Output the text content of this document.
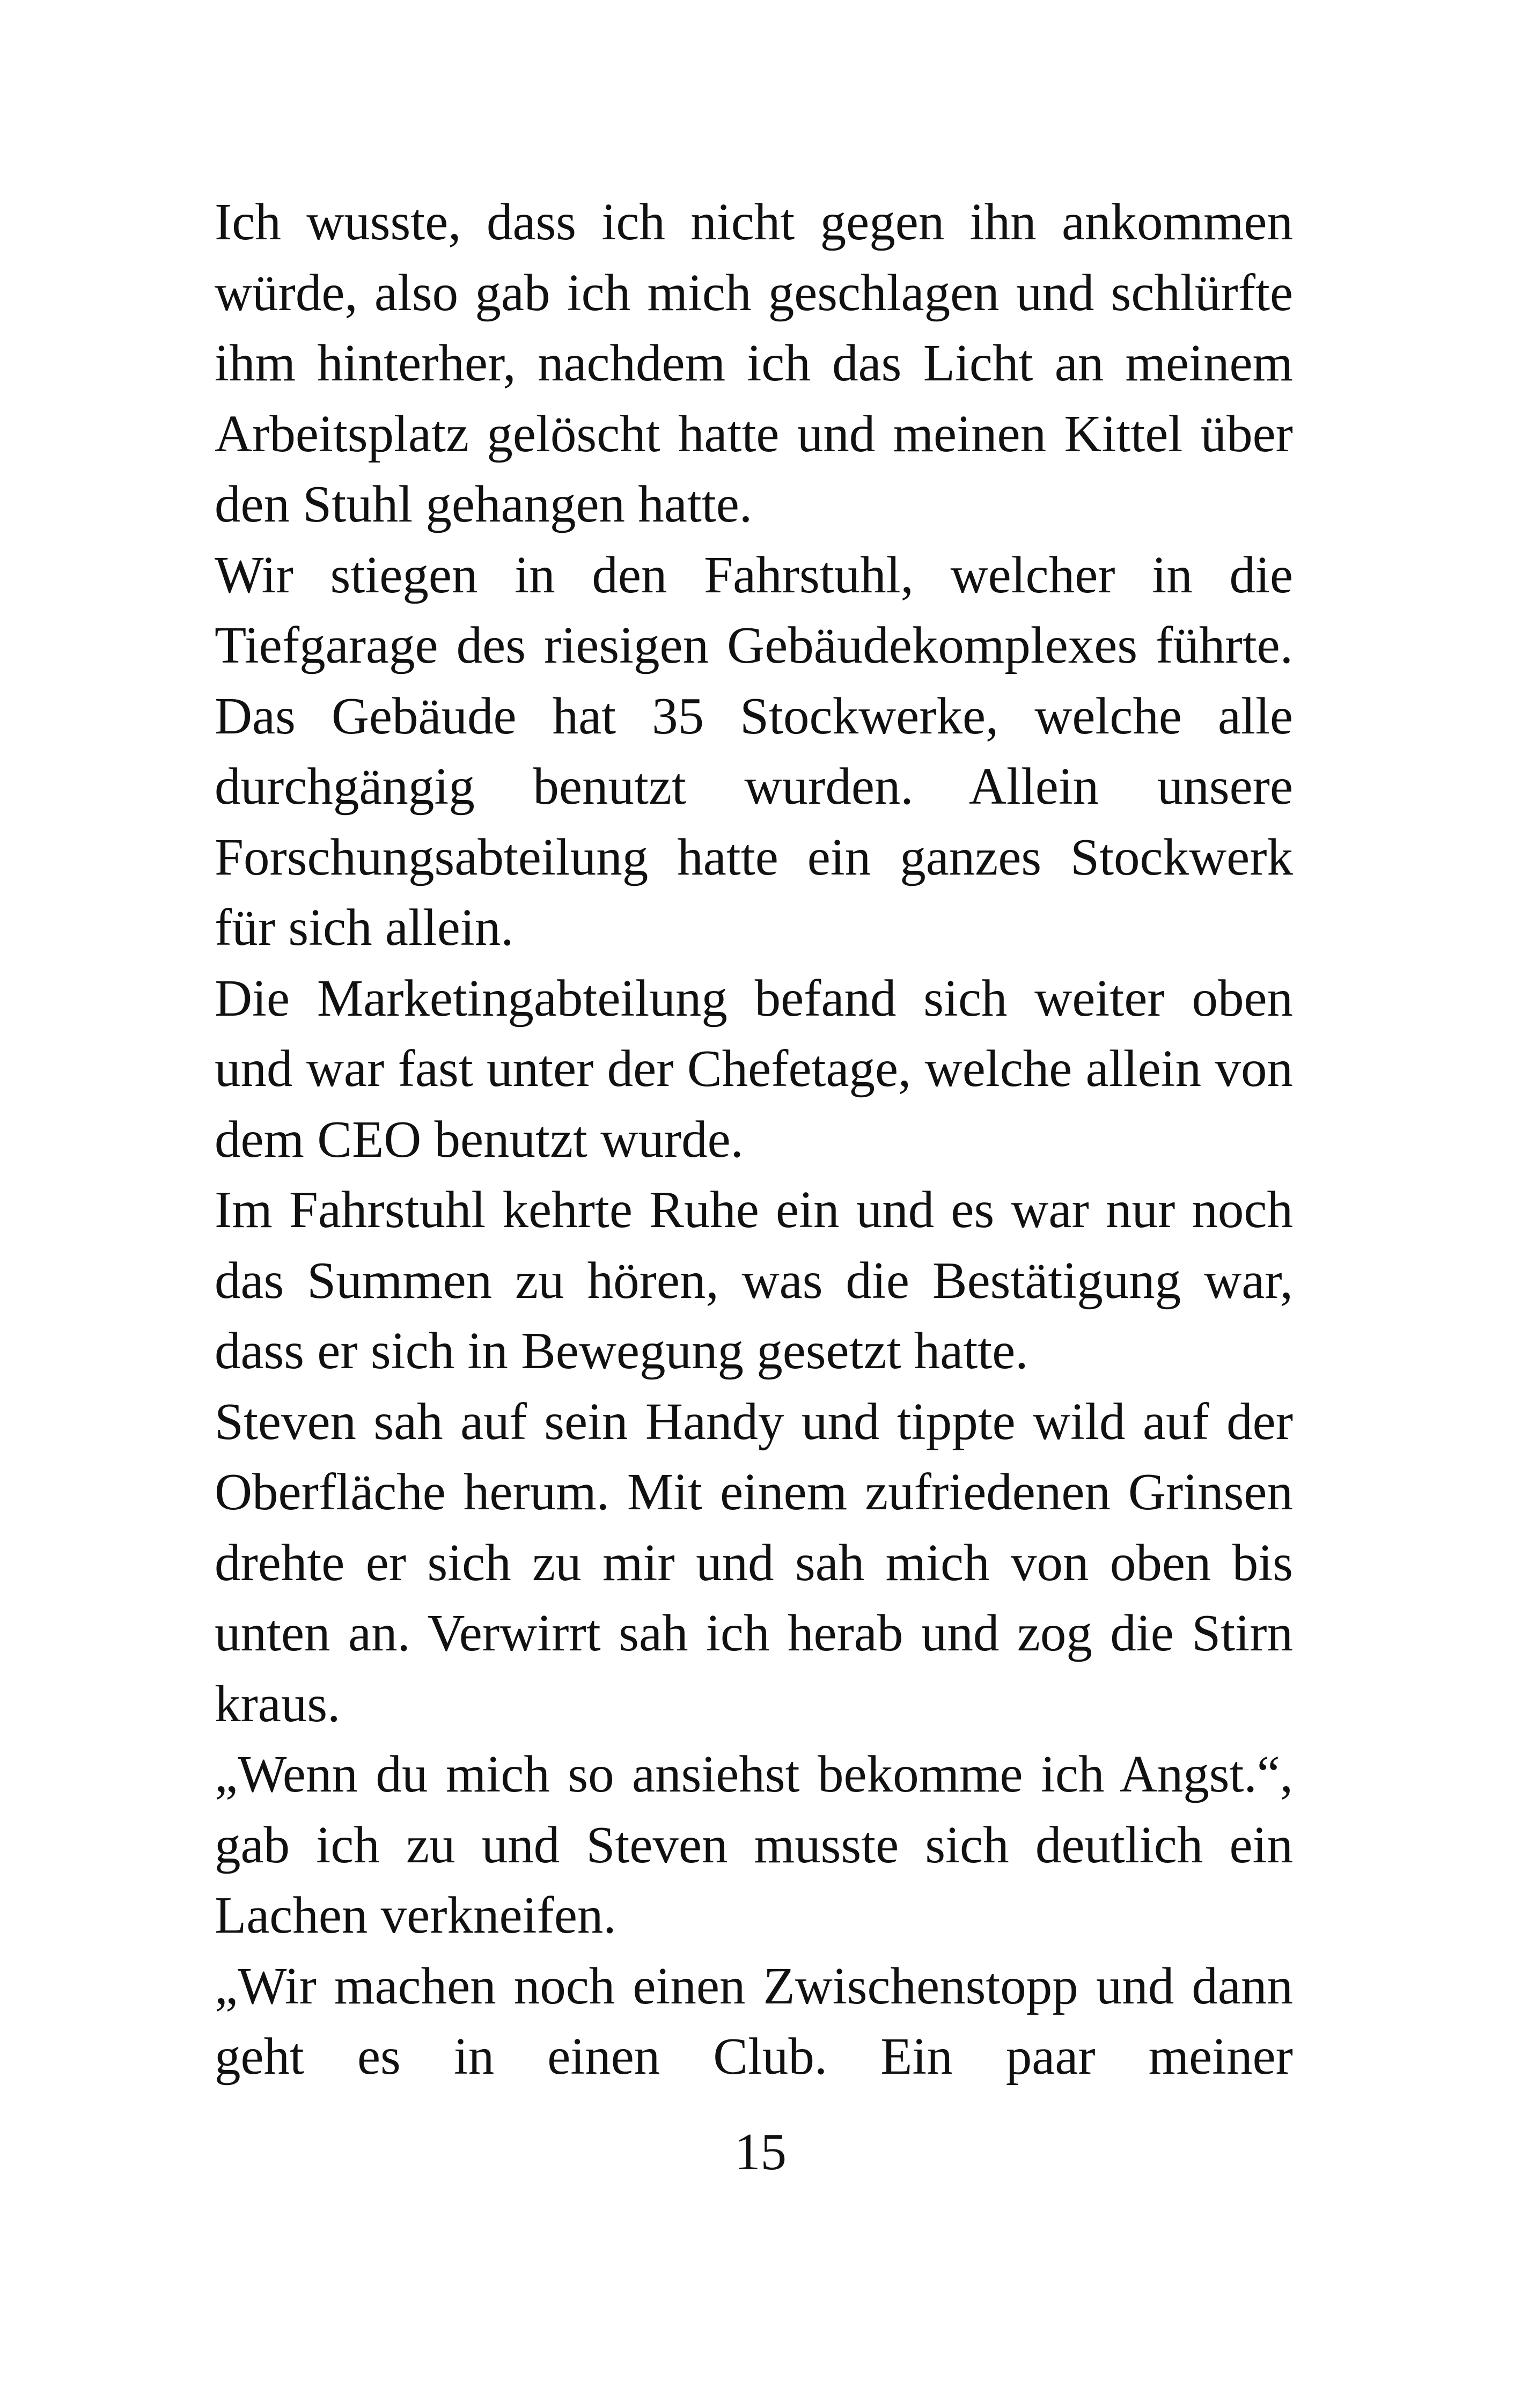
Ich wusste, dass ich nicht gegen ihn ankommen würde, also gab ich mich geschlagen und schlürfte ihm hinterher, nachdem ich das Licht an meinem Arbeitsplatz gelöscht hatte und meinen Kittel über den Stuhl gehangen hatte.

Wir stiegen in den Fahrstuhl, welcher in die Tiefgarage des riesigen Gebäudekomplexes führte. Das Gebäude hat 35 Stockwerke, welche alle durchgängig benutzt wurden. Allein unsere Forschungsabteilung hatte ein ganzes Stockwerk für sich allein.

Die Marketingabteilung befand sich weiter oben und war fast unter der Chefetage, welche allein von dem CEO benutzt wurde.

Im Fahrstuhl kehrte Ruhe ein und es war nur noch das Summen zu hören, was die Bestätigung war, dass er sich in Bewegung gesetzt hatte.

Steven sah auf sein Handy und tippte wild auf der Oberfläche herum. Mit einem zufriedenen Grinsen drehte er sich zu mir und sah mich von oben bis unten an. Verwirrt sah ich herab und zog die Stirn kraus.

„Wenn du mich so ansiehst bekomme ich Angst.“, gab ich zu und Steven musste sich deutlich ein Lachen verkneifen.

„Wir machen noch einen Zwischenstopp und dann geht es in einen Club. Ein paar meiner

15
